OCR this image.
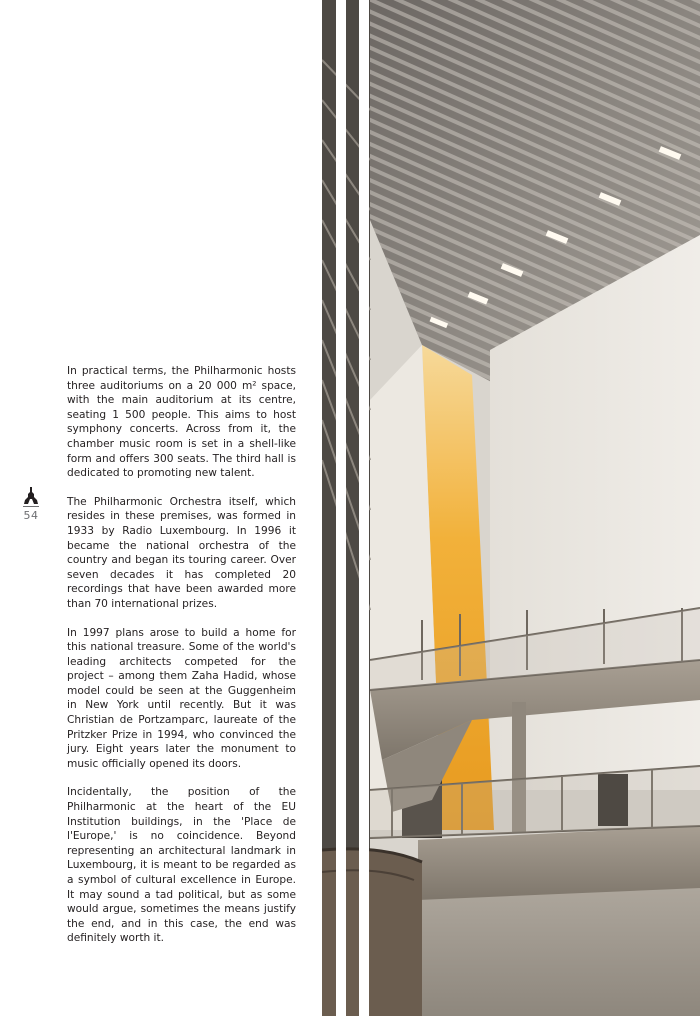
In practical terms, the Philharmonic hosts three auditoriums on a 20 000 m² space, with the main auditorium at its centre, seating 1 500 people. This aims to host symphony concerts. Across from it, the chamber music room is set in a shell-like form and offers 300 seats. The third hall is dedicated to promoting new talent.

The Philharmonic Orchestra itself, which resides in these premises, was formed in 1933 by Radio Luxembourg. In 1996 it became the national orchestra of the country and began its touring career. Over seven decades it has completed 20 recordings that have been awarded more than 70 international prizes.

In 1997 plans arose to build a home for this national treasure. Some of the world's leading architects competed for the project – among them Zaha Hadid, whose model could be seen at the Guggenheim in New York until recently. But it was Christian de Portzamparc, laureate of the Pritzker Prize in 1994, who convinced the jury. Eight years later the monument to music officially opened its doors.

Incidentally, the position of the Philharmonic at the heart of the EU Institution buildings, in the 'Place de l'Europe,' is no coincidence. Beyond representing an architectural landmark in Luxembourg, it is meant to be regarded as a symbol of cultural excellence in Europe. It may sound a tad political, but as some would argue, sometimes the means justify the end, and in this case, the end was definitely worth it.

54
